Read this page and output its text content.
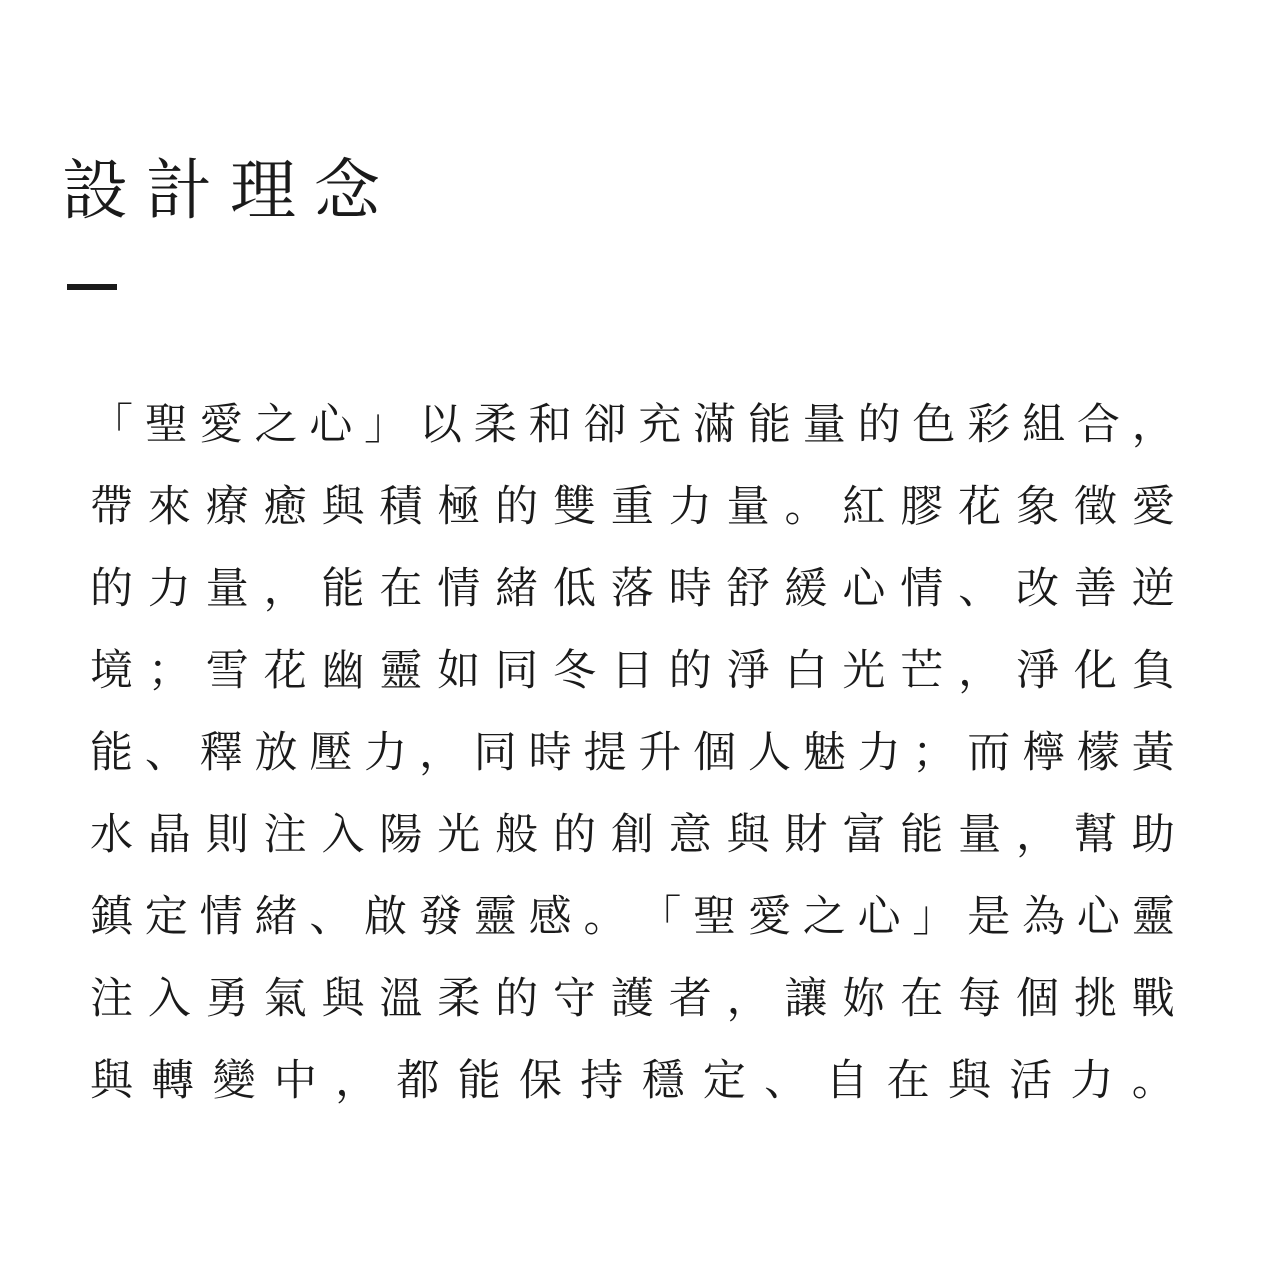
設計理念
「 聖 愛 之 心 」 以 柔 和 卻 充 滿 能 量 的 色 彩 組 合 ，
帶 來 療 癒 與 積 極 的 雙 重 力 量 。 紅 膠 花 象 徵 愛
的 力 量 ， 能 在 情 緒 低 落 時 舒 緩 心 情 、 改 善 逆
境 ； 雪 花 幽 靈 如 同 冬 日 的 淨 白 光 芒 ， 淨 化 負
能 、 釋 放 壓 力 ， 同 時 提 升 個 人 魅 力 ； 而 檸 檬 黃
水 晶 則 注 入 陽 光 般 的 創 意 與 財 富 能 量 ， 幫 助
鎮 定 情 緒 、 啟 發 靈 感 。 「 聖 愛 之 心 」 是 為 心 靈
注 入 勇 氣 與 溫 柔 的 守 護 者 ， 讓 妳 在 每 個 挑 戰
與 轉 變 中 ， 都 能 保 持 穩 定 、 自 在 與 活 力 。
